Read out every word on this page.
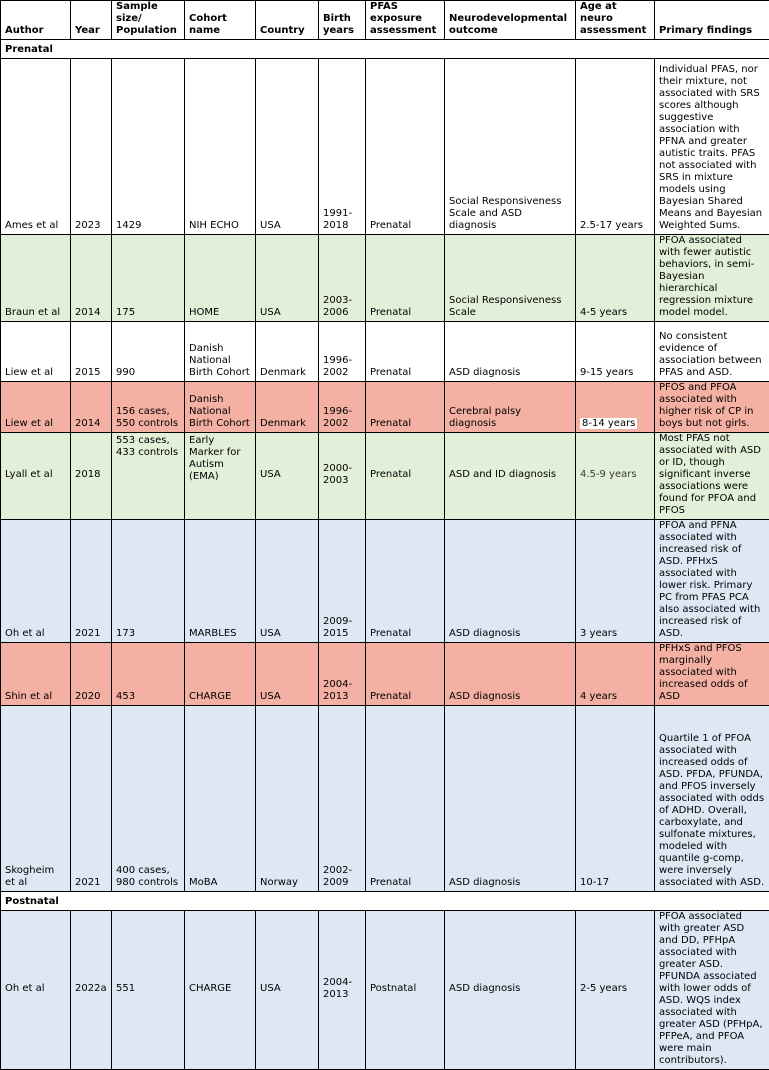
Author	Year	Sample size/ Population	Cohort name	Country	Birth years	PFAS exposure assessment	Neurodevelopmental outcome	Age at neuro assessment	Primary findings
Prenatal									
Ames et al	2023	1429	NIH ECHO	USA	1991-2018	Prenatal	Social Responsiveness Scale and ASD diagnosis	2.5-17 years	Individual PFAS, nor their mixture, not associated with SRS scores although suggestive association with PFNA and greater autistic traits. PFAS not associated with SRS in mixture models using Bayesian Shared Means and Bayesian Weighted Sums.
Braun et al	2014	175	HOME	USA	2003-2006	Prenatal	Social Responsiveness Scale	4-5 years	PFOA associated with fewer autistic behaviors, in semi-Bayesian hierarchical regression mixture model model.
Liew et al	2015	990	Danish National Birth Cohort	Denmark	1996-2002	Prenatal	ASD diagnosis	9-15 years	No consistent evidence of association between PFAS and ASD.
Liew et al	2014	156 cases, 550 controls	Danish National Birth Cohort	Denmark	1996-2002	Prenatal	Cerebral palsy diagnosis	8-14 years	PFOS and PFOA associated with higher risk of CP in boys but not girls.
Lyall et al	2018	553 cases, 433 controls	Early Marker for Autism (EMA)	USA	2000-2003	Prenatal	ASD and ID diagnosis	4.5-9 years	Most PFAS not associated with ASD or ID, though significant inverse associations were found for PFOA and PFOS
Oh et al	2021	173	MARBLES	USA	2009-2015	Prenatal	ASD diagnosis	3 years	PFOA and PFNA associated with increased risk of ASD. PFHxS associated with lower risk. Primary PC from PFAS PCA also associated with increased risk of ASD.
Shin et al	2020	453	CHARGE	USA	2004-2013	Prenatal	ASD diagnosis	4 years	PFHxS and PFOS marginally associated with increased odds of ASD
Skogheim et al	2021	400 cases, 980 controls	MoBA	Norway	2002-2009	Prenatal	ASD diagnosis	10-17	Quartile 1 of PFOA associated with increased odds of ASD. PFDA, PFUNDA, and PFOS inversely associated with odds of ADHD. Overall, carboxylate, and sulfonate mixtures, modeled with quantile g-comp, were inversely associated with ASD.
Postnatal									
Oh et al	2022a	551	CHARGE	USA	2004-2013	Postnatal	ASD diagnosis	2-5 years	PFOA associated with greater ASD and DD, PFHpA associated with greater ASD. PFUNDA associated with lower odds of ASD. WQS index associated with greater ASD (PFHpA, PFPeA, and PFOA were main contributors).
